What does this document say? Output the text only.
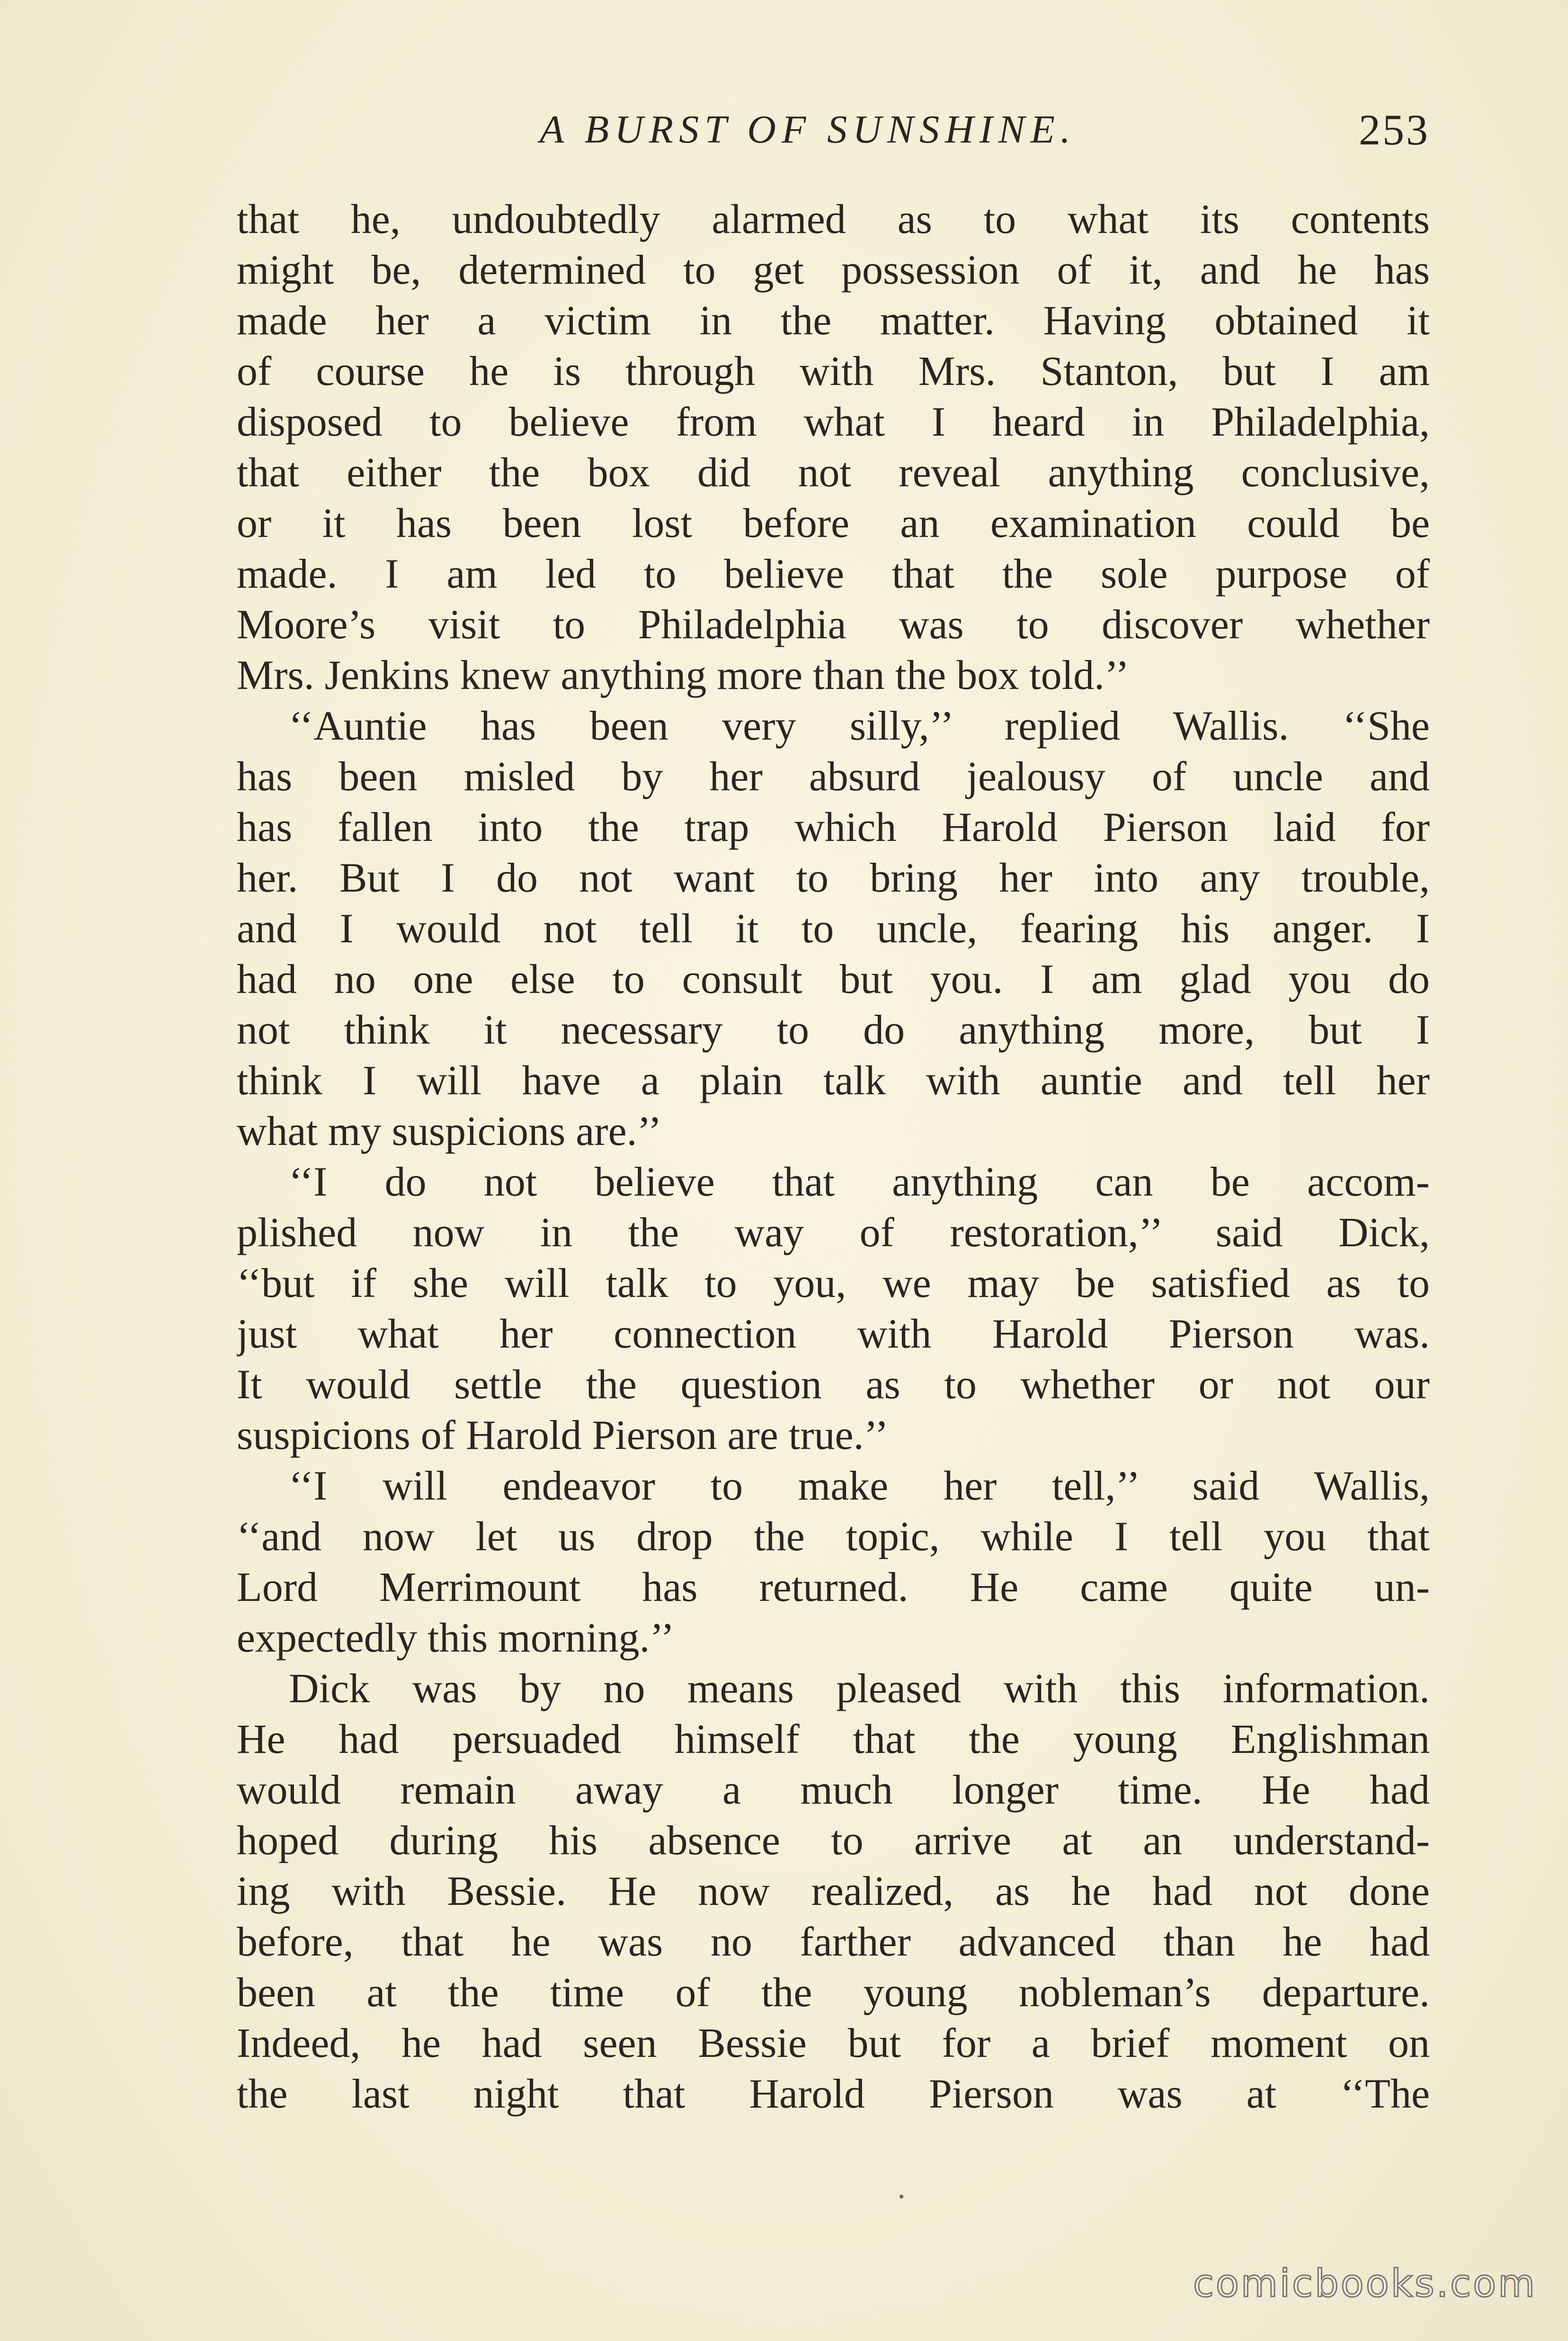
A BURST OF SUNSHINE.	253
that he, undoubtedly alarmed as to what its contents
might be, determined to get possession of it, and he has
made her a victim in the matter. Having obtained it
of course he is through with Mrs. Stanton, but I am
disposed to believe from what I heard in Philadelphia,
that either the box did not reveal anything conclusive,
or it has been lost before an examination could be
made. I am led to believe that the sole purpose of
Moore’s visit to Philadelphia was to discover whether
Mrs. Jenkins knew anything more than the box told.’’
‘‘Auntie has been very silly,’’ replied Wallis. ‘‘She
has been misled by her absurd jealousy of uncle and
has fallen into the trap which Harold Pierson laid for
her. But I do not want to bring her into any trouble,
and I would not tell it to uncle, fearing his anger. I
had no one else to consult but you. I am glad you do
not think it necessary to do anything more, but I
think I will have a plain talk with auntie and tell her
what my suspicions are.’’
‘‘I do not believe that anything can be accom-
plished now in the way of restoration,’’ said Dick,
‘‘but if she will talk to you, we may be satisfied as to
just what her connection with Harold Pierson was.
It would settle the question as to whether or not our
suspicions of Harold Pierson are true.’’
‘‘I will endeavor to make her tell,’’ said Wallis,
‘‘and now let us drop the topic, while I tell you that
Lord Merrimount has returned. He came quite un-
expectedly this morning.’’
Dick was by no means pleased with this information.
He had persuaded himself that the young Englishman
would remain away a much longer time. He had
hoped during his absence to arrive at an understand-
ing with Bessie. He now realized, as he had not done
before, that he was no farther advanced than he had
been at the time of the young nobleman’s departure.
Indeed, he had seen Bessie but for a brief moment on
the last night that Harold Pierson was at ‘‘The
comicbooks.com
